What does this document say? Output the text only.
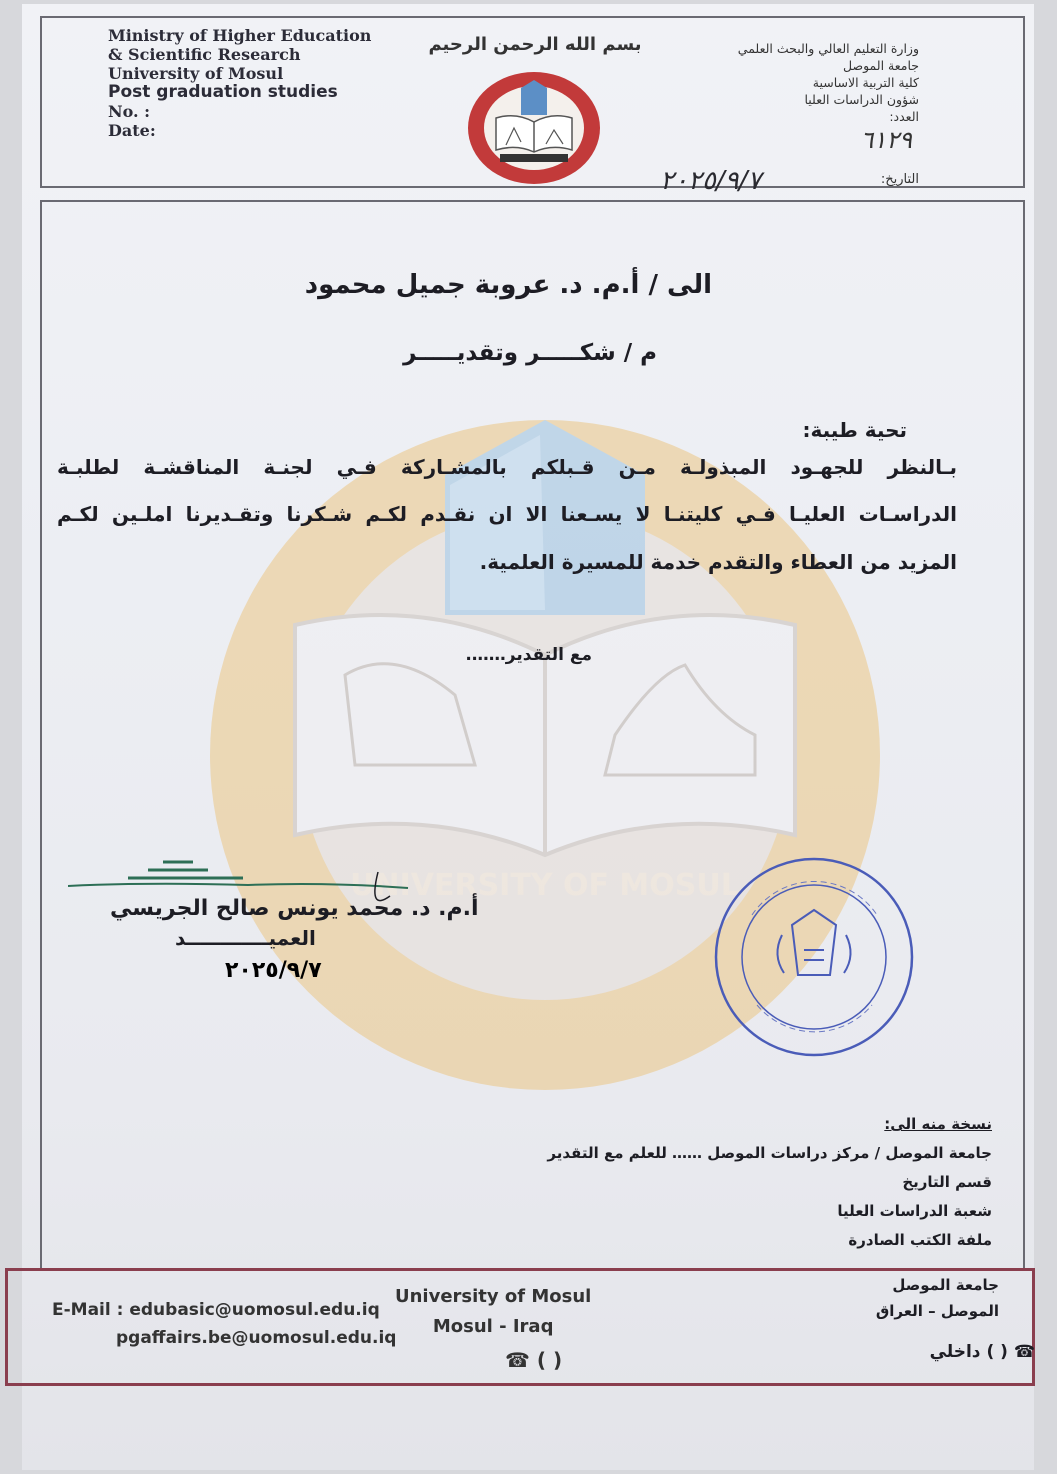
UNIVERSITY OF MOSUL
Ministry of Higher Education
& Scientific Research
University of Mosul
Post graduation studies
No. :
Date:
بسم الله الرحمن الرحيم	وزارة التعليم العالي والبحث العلمي
جامعة الموصل
كلية التربية الاساسية
شؤون الدراسات العليا
العدد:
٦١٢٩
التاريخ:
٢٠٢٥/٩/٧
الى / أ.م. د. عروبة جميل محمود
م / شكـــــر وتقديـــــر
تحية طيبة:
بـالنظر للجهـود المبذولـة مـن قـبلكم بالمشـاركة فـي لجنـة المناقشـة لطلبـة
الدراسـات العليـا فـي كليتنـا لا يسـعنا الا ان نقـدم لكـم شـكرنا وتقـديرنا املـين لكـم
المزيد من العطاء والتقدم خدمة للمسيرة العلمية.
مع التقدير…….
أ.م. د. محمد يونس صالح الجريسي
العميــــــــــــد
٢٠٢٥/٩/٧
نسخة منه الى:
جامعة الموصل / مركز دراسات الموصل …… للعلم مع التقدير
قسم التاريخ
شعبة الدراسات العليا
ملفة الكتب الصادرة
E-Mail : edubasic@uomosul.edu.iq
pgaffairs.be@uomosul.edu.iq
University of Mosul
Mosul - Iraq
☎ ( )
جامعة الموصل
الموصل – العراق
☎ ( ) داخلي
